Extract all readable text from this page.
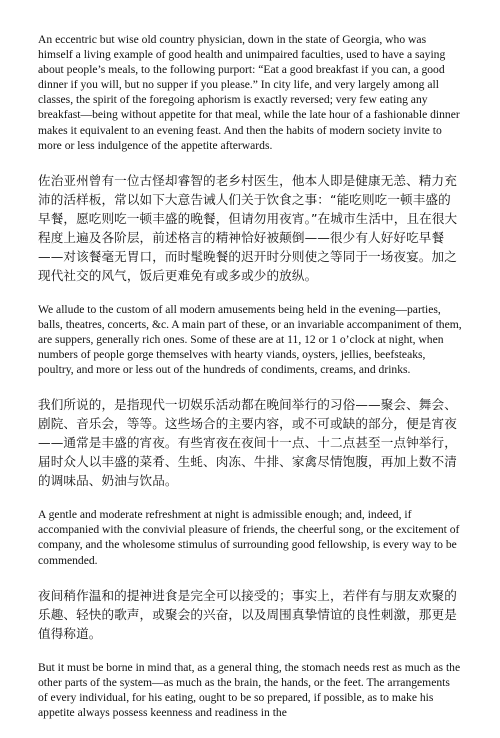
An eccentric but wise old country physician, down in the state of Georgia, who was himself a living example of good health and unimpaired faculties, used to have a saying about people’s meals, to the following purport: “Eat a good breakfast if you can, a good dinner if you will, but no supper if you please.” In city life, and very largely among all classes, the spirit of the foregoing aphorism is exactly reversed; very few eating any breakfast—being without appetite for that meal, while the late hour of a fashionable dinner makes it equivalent to an evening feast. And then the habits of modern society invite to more or less indulgence of the appetite afterwards.

佐治亚州曾有一位古怪却睿智的老乡村医生，他本人即是健康无恙、精力充沛的活样板，常以如下大意告诫人们关于饮食之事：“能吃则吃一顿丰盛的早餐，愿吃则吃一顿丰盛的晚餐，但请勿用夜宵。”在城市生活中，且在很大程度上遍及各阶层，前述格言的精神恰好被颠倒——很少有人好好吃早餐——对该餐毫无胃口，而时髦晚餐的迟开时分则使之等同于一场夜宴。加之现代社交的风气，饭后更难免有或多或少的放纵。

We allude to the custom of all modern amusements being held in the evening—parties, balls, theatres, concerts, &c. A main part of these, or an invariable accompaniment of them, are suppers, generally rich ones. Some of these are at 11, 12 or 1 o’clock at night, when numbers of people gorge themselves with hearty viands, oysters, jellies, beefsteaks, poultry, and more or less out of the hundreds of condiments, creams, and drinks.

我们所说的，是指现代一切娱乐活动都在晚间举行的习俗——聚会、舞会、剧院、音乐会，等等。这些场合的主要内容，或不可或缺的部分，便是宵夜——通常是丰盛的宵夜。有些宵夜在夜间十一点、十二点甚至一点钟举行，届时众人以丰盛的菜肴、生蚝、肉冻、牛排、家禽尽情饱腹，再加上数不清的调味品、奶油与饮品。

A gentle and moderate refreshment at night is admissible enough; and, indeed, if accompanied with the convivial pleasure of friends, the cheerful song, or the excitement of company, and the wholesome stimulus of surrounding good fellowship, is every way to be commended.

夜间稍作温和的提神进食是完全可以接受的；事实上，若伴有与朋友欢聚的乐趣、轻快的歌声，或聚会的兴奋，以及周围真挚情谊的良性刺激，那更是值得称道。

But it must be borne in mind that, as a general thing, the stomach needs rest as much as the other parts of the system—as much as the brain, the hands, or the feet. The arrangements of every individual, for his eating, ought to be so prepared, if possible, as to make his appetite always possess keenness and readiness in the
